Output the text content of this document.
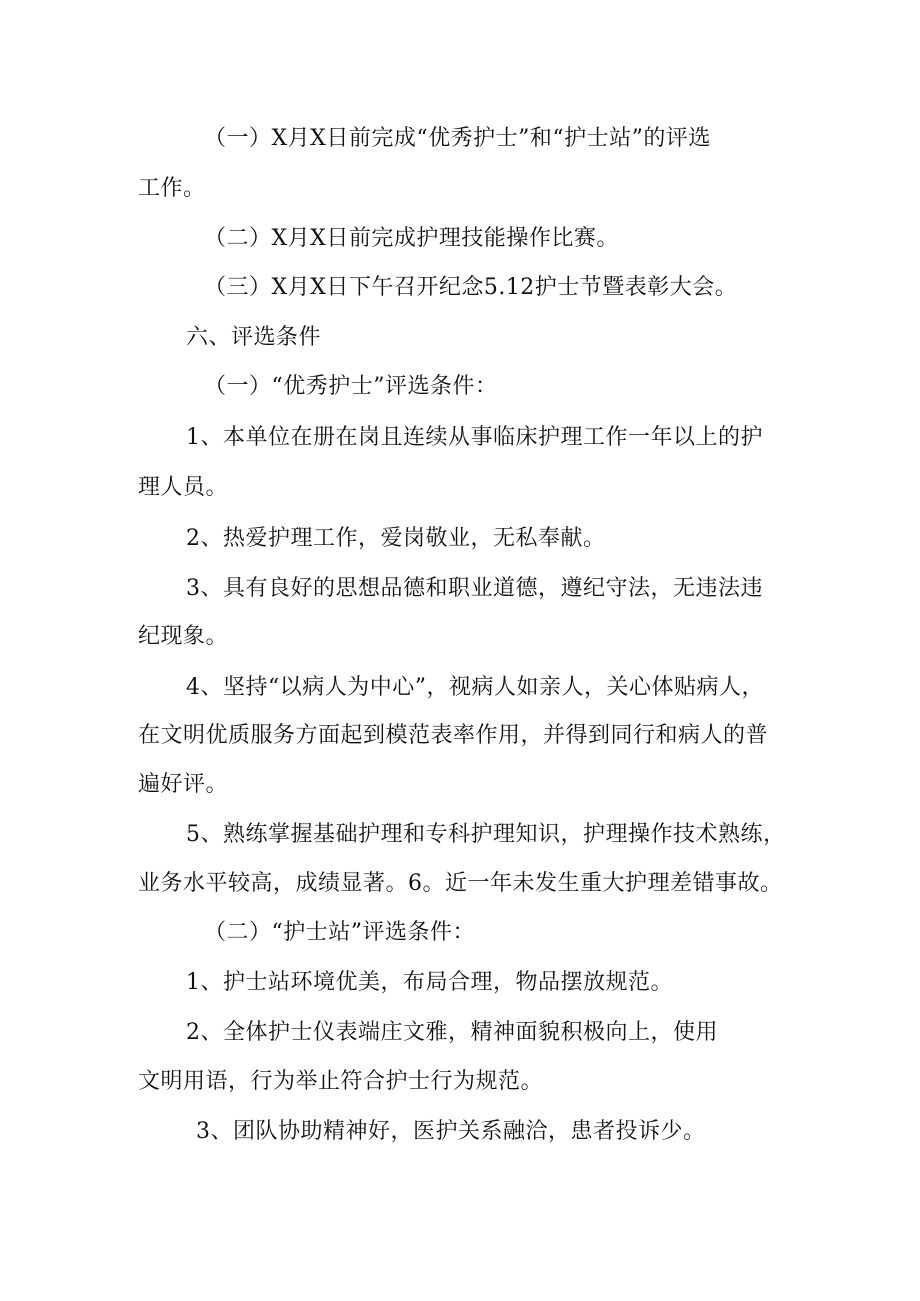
（一）X月X日前完成“优秀护士”和“护士站”的评选
工作。
（二）X月X日前完成护理技能操作比赛。
（三）X月X日下午召开纪念5.12护士节暨表彰大会。
六、评选条件
（一）“优秀护士”评选条件：
1、本单位在册在岗且连续从事临床护理工作一年以上的护
理人员。
2、热爱护理工作，爱岗敬业，无私奉献。
3、具有良好的思想品德和职业道德，遵纪守法，无违法违
纪现象。
4、坚持“以病人为中心”，视病人如亲人，关心体贴病人，
在文明优质服务方面起到模范表率作用，并得到同行和病人的普
遍好评。
5、熟练掌握基础护理和专科护理知识，护理操作技术熟练，
业务水平较高，成绩显著。6。近一年未发生重大护理差错事故。
（二）“护士站”评选条件：
1、护士站环境优美，布局合理，物品摆放规范。
2、全体护士仪表端庄文雅，精神面貌积极向上，使用
文明用语，行为举止符合护士行为规范。
3、团队协助精神好，医护关系融洽，患者投诉少。
